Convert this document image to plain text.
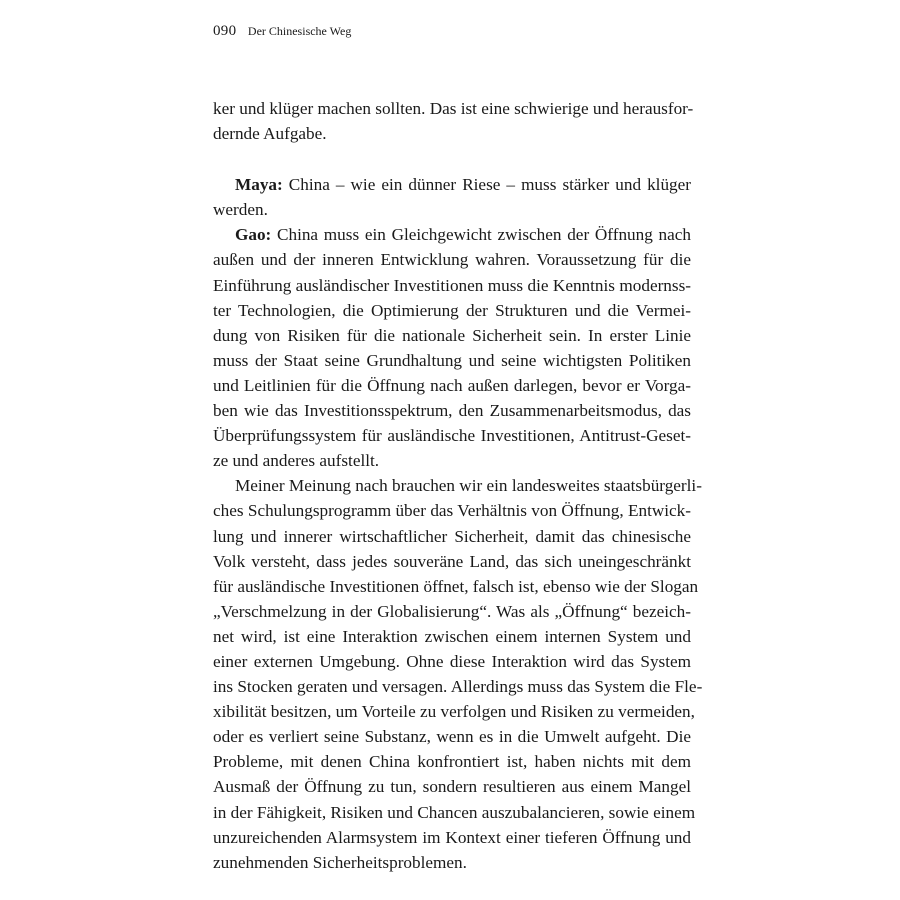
090 Der Chinesische Weg

ker und klüger machen sollten. Das ist eine schwierige und herausfor-
dernde Aufgabe.

Maya: China – wie ein dünner Riese – muss stärker und klüger
werden.

Gao: China muss ein Gleichgewicht zwischen der Öffnung nach
außen und der inneren Entwicklung wahren. Voraussetzung für die
Einführung ausländischer Investitionen muss die Kenntnis modernss-
ter Technologien, die Optimierung der Strukturen und die Vermei-
dung von Risiken für die nationale Sicherheit sein. In erster Linie
muss der Staat seine Grundhaltung und seine wichtigsten Politiken
und Leitlinien für die Öffnung nach außen darlegen, bevor er Vorga-
ben wie das Investitionsspektrum, den Zusammenarbeitsmodus, das
Überprüfungssystem für ausländische Investitionen, Antitrust-Geset-
ze und anderes aufstellt.

Meiner Meinung nach brauchen wir ein landesweites staatsbürgerli-
ches Schulungsprogramm über das Verhältnis von Öffnung, Entwick-
lung und innerer wirtschaftlicher Sicherheit, damit das chinesische
Volk versteht, dass jedes souveräne Land, das sich uneingeschränkt
für ausländische Investitionen öffnet, falsch ist, ebenso wie der Slogan
„Verschmelzung in der Globalisierung“. Was als „Öffnung“ bezeich-
net wird, ist eine Interaktion zwischen einem internen System und
einer externen Umgebung. Ohne diese Interaktion wird das System
ins Stocken geraten und versagen. Allerdings muss das System die Fle-
xibilität besitzen, um Vorteile zu verfolgen und Risiken zu vermeiden,
oder es verliert seine Substanz, wenn es in die Umwelt aufgeht. Die
Probleme, mit denen China konfrontiert ist, haben nichts mit dem
Ausmaß der Öffnung zu tun, sondern resultieren aus einem Mangel
in der Fähigkeit, Risiken und Chancen auszubalancieren, sowie einem
unzureichenden Alarmsystem im Kontext einer tieferen Öffnung und
zunehmenden Sicherheitsproblemen.
